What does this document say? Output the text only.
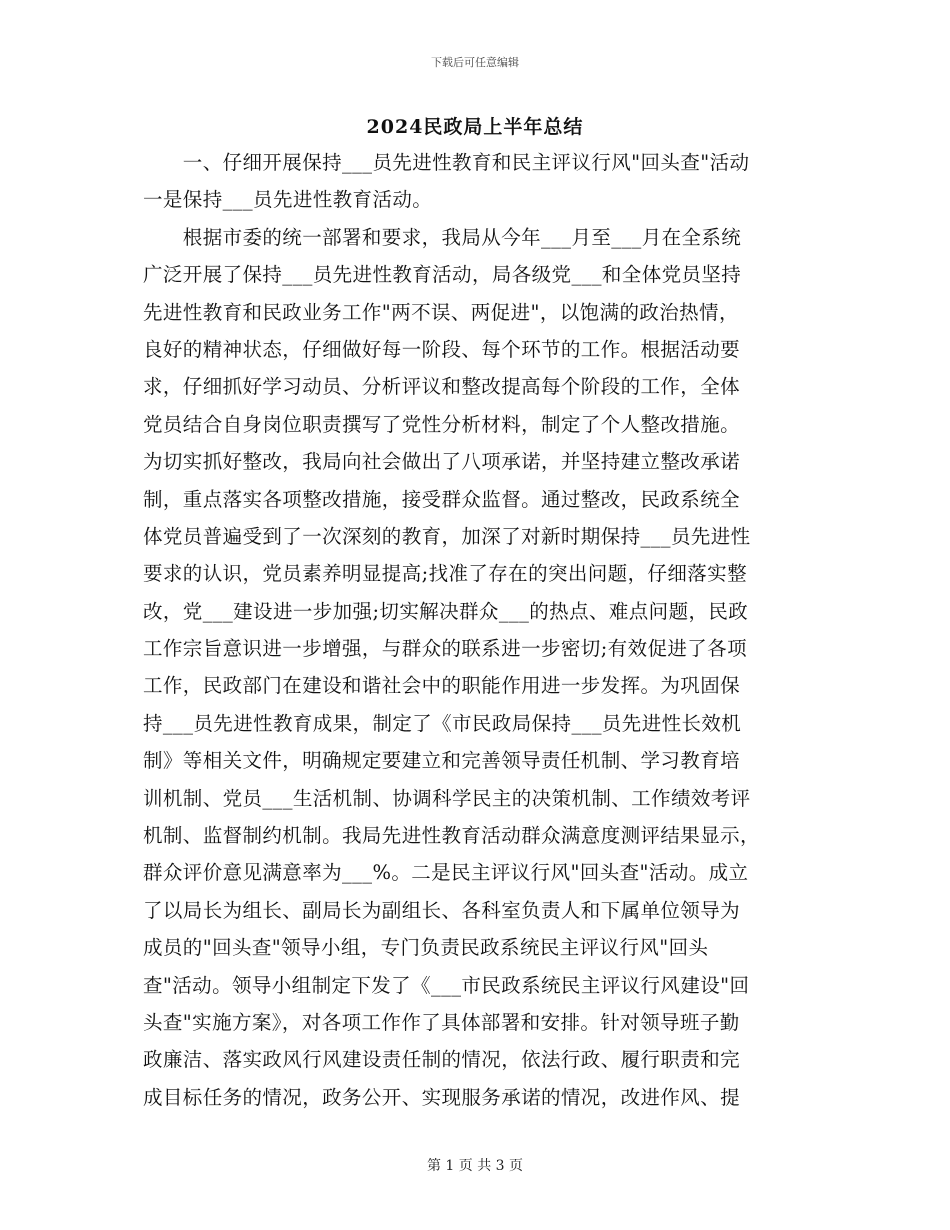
下载后可任意编辑
2024民政局上半年总结
　　一、仔细开展保持___员先进性教育和民主评议行风"回头查"活动
一是保持___员先进性教育活动。
　　根据市委的统一部署和要求，我局从今年___月至___月在全系统
广泛开展了保持___员先进性教育活动，局各级党___和全体党员坚持
先进性教育和民政业务工作"两不误、两促进"，以饱满的政治热情，
良好的精神状态，仔细做好每一阶段、每个环节的工作。根据活动要
求，仔细抓好学习动员、分析评议和整改提高每个阶段的工作，全体
党员结合自身岗位职责撰写了党性分析材料，制定了个人整改措施。
为切实抓好整改，我局向社会做出了八项承诺，并坚持建立整改承诺
制，重点落实各项整改措施，接受群众监督。通过整改，民政系统全
体党员普遍受到了一次深刻的教育，加深了对新时期保持___员先进性
要求的认识，党员素养明显提高;找准了存在的突出问题，仔细落实整
改，党___建设进一步加强;切实解决群众___的热点、难点问题，民政
工作宗旨意识进一步增强，与群众的联系进一步密切;有效促进了各项
工作，民政部门在建设和谐社会中的职能作用进一步发挥。为巩固保
持___员先进性教育成果，制定了《市民政局保持___员先进性长效机
制》等相关文件，明确规定要建立和完善领导责任机制、学习教育培
训机制、党员___生活机制、协调科学民主的决策机制、工作绩效考评
机制、监督制约机制。我局先进性教育活动群众满意度测评结果显示，
群众评价意见满意率为___%。二是民主评议行风"回头查"活动。成立
了以局长为组长、副局长为副组长、各科室负责人和下属单位领导为
成员的"回头查"领导小组，专门负责民政系统民主评议行风"回头
查"活动。领导小组制定下发了《___市民政系统民主评议行风建设"回
头查"实施方案》，对各项工作作了具体部署和安排。针对领导班子勤
政廉洁、落实政风行风建设责任制的情况，依法行政、履行职责和完
成目标任务的情况，政务公开、实现服务承诺的情况，改进作风、提
第 1 页 共 3 页
